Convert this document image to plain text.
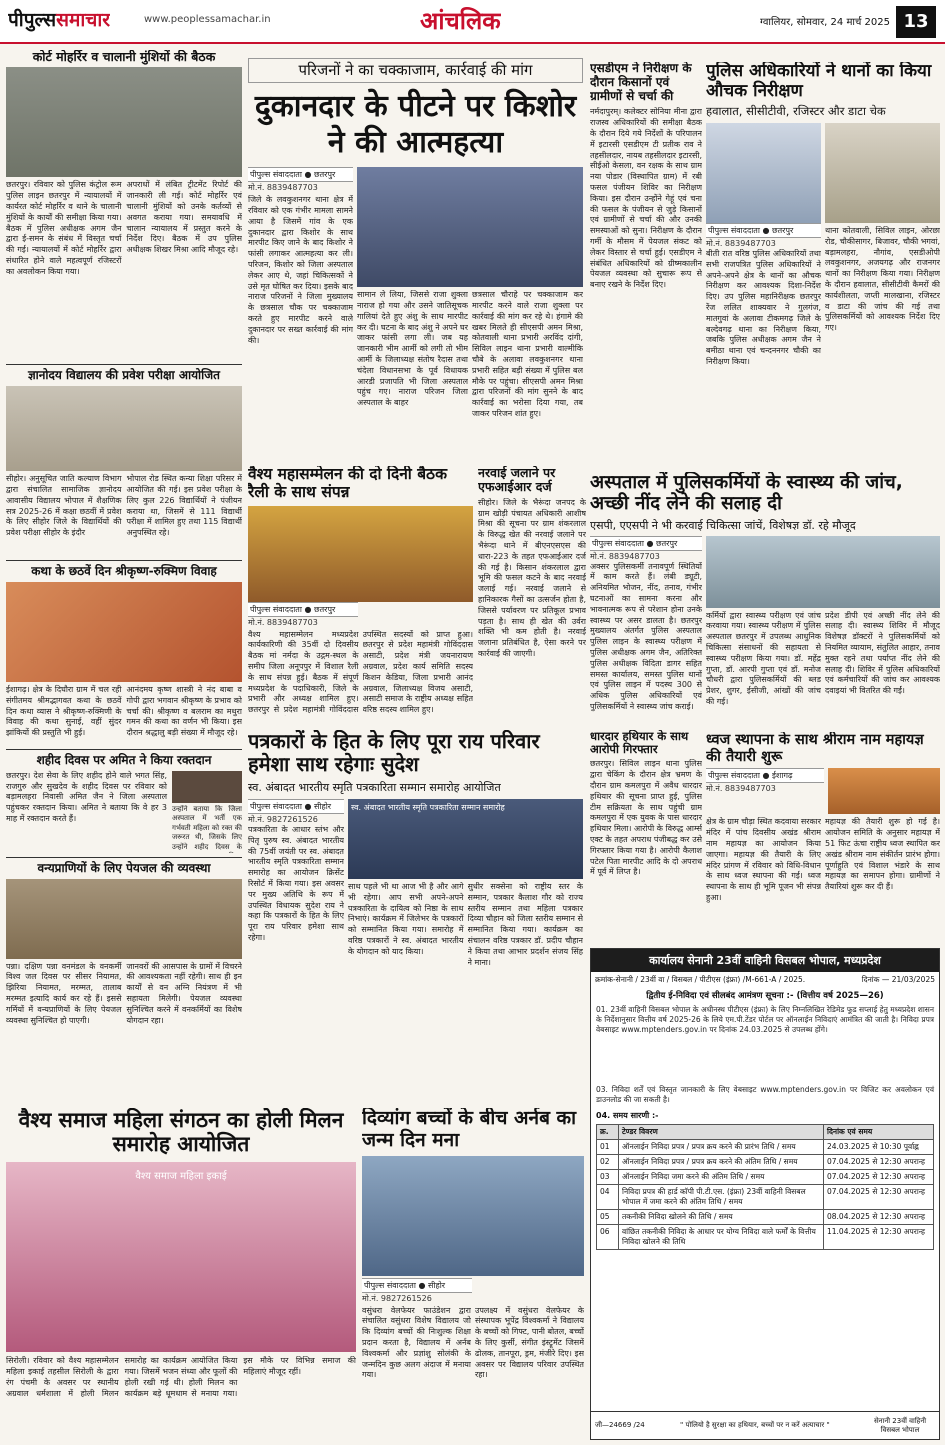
पीपुल्ससमाचार	www.peoplessamachar.in	आंचलिक	ग्वालियर, सोमवार, 24 मार्च 2025 13
कोर्ट मोहर्रिर व चालानी मुंशियों की बैठक
छतरपुर। रविवार को पुलिस कंट्रोल रूम पुलिस लाइन छतरपुर में न्यायालयों में कार्यरत कोर्ट मोहर्रिर व थाने के चालानी मुंशियों के कार्यों की समीक्षा किया गया। बैठक में पुलिस अधीक्षक अगम जैन द्वारा ई-समन के संबंध में विस्तृत चर्चा की गई। न्यायालयों में कोर्ट मोहर्रिर द्वारा संधारित होने वाले महत्वपूर्ण रजिस्टरों का अवलोकन किया गया।
अपराधों में लंबित ट्रीटमेंट रिपोर्ट की जानकारी ली गई। कोर्ट मोहर्रिर एवं चालानी मुंशियों को उनके कर्तव्यों से अवगत कराया गया। समयावधि में चालान न्यायालय में प्रस्तुत करने के निर्देश दिए। बैठक में उप पुलिस अधीक्षक शिखर मिश्रा आदि मौजूद रहे।
ज्ञानोदय विद्यालय की प्रवेश परीक्षा आयोजित
सीहोर। अनुसूचित जाति कल्याण विभाग द्वारा संचालित सामाजिक ज्ञानोदय आवासीय विद्यालय भोपाल में शैक्षणिक सत्र 2025-26 में कक्षा छठवीं में प्रवेश के लिए सीहोर जिले के विद्यार्थियों की प्रवेश परीक्षा सीहोर के इंदौर
भोपाल रोड स्थित कन्या शिक्षा परिसर में आयोजित की गई। इस प्रवेश परीक्षा के लिए कुल 226 विद्यार्थियों ने पंजीयन कराया था, जिसमें से 111 विद्यार्थी परीक्षा में शामिल हुए तथा 115 विद्यार्थी अनुपस्थित रहे।
कथा के छठवें दिन श्रीकृष्ण-रुक्मिण विवाह
ईशागढ़। क्षेत्र के दिघौरा ग्राम में चल रही संगीतमय श्रीमद्भागवत कथा के छठवें दिन कथा व्यास ने श्रीकृष्ण-रुक्मिणी के विवाह की कथा सुनाई, वहीं सुंदर झांकियों की प्रस्तुति भी हुई।
आनंदमय कृष्ण शास्त्री ने नंद बाबा व गोपी द्वारा भगवान श्रीकृष्ण के प्रभाव को चर्चा की। श्रीकृष्ण व बलराम का मथुरा गमन की कथा का वर्णन भी किया। इस दौरान श्रद्धालु बड़ी संख्या में मौजूद रहे।
शहीद दिवस पर अमित ने किया रक्तदान
छतरपुर। देश सेवा के लिए शहीद होने वाले भगत सिंह, राजगुरु और सुखदेव के शहीद दिवस पर रविवार को बड़ामलहरा निवासी अमित जैन ने जिला अस्पताल पहुंचकर रक्तदान किया। अमित ने बताया कि वे हर 3 माह में रक्तदान करते हैं।
उन्होंने बताया कि जिला अस्पताल में भर्ती एक गर्भवती महिला को रक्त की जरूरत थी, जिसके लिए उन्होंने शहीद दिवस के
वन्यप्राणियों के लिए पेयजल की व्यवस्था
पन्ना। दक्षिण पन्ना वनमंडल के वनकर्मी विश्व जल दिवस पर सीसर नियामत, झिरिया नियामत, मरम्मत, तालाब मरम्मत इत्यादि कार्य कर रहे हैं। इससे गर्मियों में वन्यप्राणियों के लिए पेयजल व्यवस्था सुनिश्चित हो पाएगी।
जानवरों की आसपास के ग्रामों में विचरने की आवश्यकता नहीं रहेगी। साथ ही इन कार्यों से वन अग्नि नियंत्रण में भी सहायता मिलेगी। पेयजल व्यवस्था सुनिश्चित करने में वनकर्मियों का विशेष योगदान रहा।
परिजनों ने का चक्काजाम, कार्रवाई की मांग
दुकानदार के पीटने पर किशोर ने की आत्महत्या
पीपुल्स संवाददाता ● छतरपुर
मो.नं. 8839487703
जिले के लवकुशनगर थाना क्षेत्र में रविवार को एक गंभीर मामला सामने आया है जिसमें गांव के एक दुकानदार द्वारा किशोर के साथ मारपीट किए जाने के बाद किशोर ने फांसी लगाकर आत्महत्या कर ली। परिजन, किशोर को जिला अस्पताल लेकर आए थे, जहां चिकित्सकों ने उसे मृत घोषित कर दिया। इसके बाद नाराज परिजनों ने जिला मुख्यालय के छत्रसाल चौक पर चक्काजाम करते हुए मारपीट करने वाले दुकानदार पर सख्त कार्रवाई की मांग की।
सामान ले लिया, जिससे राजा शुक्ला नाराज हो गया और उसने जातिसूचक गालियां देते हुए अंशु के साथ मारपीट कर दी। घटना के बाद अंशु ने अपने घर जाकर फांसी लगा ली। जब यह जानकारी भीम आर्मी को लगी तो भीम आर्मी के जिलाध्यक्ष संतोष रैदास तथा चंदेला विधानसभा के पूर्व विधायक आरडी प्रजापति भी जिला अस्पताल पहुंच गए। नाराज परिजन जिला अस्पताल के बाहर
छत्रसाल चौराहे पर चक्काजाम कर मारपीट करने वाले राजा शुक्ला पर कार्रवाई की मांग कर रहे थे। हंगामे की खबर मिलते ही सीएसपी अमन मिश्रा, कोतवाली थाना प्रभारी अरविंद दांगी, सिविल लाइन थाना प्रभारी वाल्मीकि चौबे के अलावा लवकुशनगर थाना प्रभारी सहित बड़ी संख्या में पुलिस बल मौके पर पहुंचा। सीएसपी अमन मिश्रा द्वारा परिजनों की मांग सुनने के बाद कार्रवाई का भरोसा दिया गया, तब जाकर परिजन शांत हुए।
एसडीएम ने निरीक्षण के दौरान किसानों एवं ग्रामीणों से चर्चा की
नर्मदापुरम्। कलेक्टर सोनिया मीना द्वारा राजस्व अधिकारियों की समीक्षा बैठक के दौरान दिये गये निर्देशों के परिपालन में इटारसी एसडीएम टी प्रतीक राव ने तहसीलदार, नायब तहसीलदार इटारसी, सीईओ केसला, वन रक्षक के साथ ग्राम नया पोडार (विस्थापित ग्राम) में रबी फसल पंजीयन शिविर का निरीक्षण किया। इस दौरान उन्होंने गेहूं एवं चना की फसल के पंजीयन से जुड़े किसानों एवं ग्रामीणों से चर्चा की और उनकी समस्याओं को सुना। निरीक्षण के दौरान गर्मी के मौसम में पेयजल संकट को लेकर विस्तार से चर्चा हुई। एसडीएम ने संबंधित अधिकारियों को ग्रीष्मकालीन पेयजल व्यवस्था को सुचारू रूप से बनाए रखने के निर्देश दिए।
पुलिस अधिकारियों ने थानों का किया औचक निरीक्षण
हवालात, सीसीटीवी, रजिस्टर और डाटा चेक
पीपुल्स संवाददाता ● छतरपुर
मो.नं. 8839487703
बीती रात वरिष्ठ पुलिस अधिकारियों तथा सभी राजपत्रित पुलिस अधिकारियों ने अपने-अपने क्षेत्र के थानों का औचक निरीक्षण कर आवश्यक दिशा-निर्देश दिए। उप पुलिस महानिरीक्षक छतरपुर रेंज ललित शाक्यवार ने गुलगंज, मातगुवां के अलावा टीकमगढ़ जिले के बल्देवगढ़ थाना का निरीक्षण किया, जबकि पुलिस अधीक्षक अगम जैन ने बमीठा थाना एवं चन्दननगर चौकी का निरीक्षण किया।
थाना कोतवाली, सिविल लाइन, ओरछा रोड, चौकीसागर, बिजावर, चौकी भगवां, बड़ामलहरा, नौगांव, एसडीओपी लवकुशनगर, अजयगढ़ और राजनगर थानों का निरीक्षण किया गया। निरीक्षण के दौरान हवालात, सीसीटीवी कैमरों की कार्यशीलता, जप्ती मालखाना, रजिस्टर व डाटा की जांच की गई तथा पुलिसकर्मियों को आवश्यक निर्देश दिए गए।
वैश्य महासम्मेलन की दो दिनी बैठक रैली के साथ संपन्न
पीपुल्स संवाददाता ● छतरपुर
मो.नं. 8839487703
वैश्य महासम्मेलन मध्यप्रदेश कार्यकारिणी की 35वीं दो दिवसीय बैठक मां नर्मदा के उद्गम-स्थल के समीप जिला अनूपपुर में विशाल रैली के साथ संपन्न हुई। बैठक में संपूर्ण मध्यप्रदेश के पदाधिकारी, जिले के प्रभारी और अध्यक्ष शामिल हुए। छतरपुर से प्रदेश महामंत्री गोविंददास
उपस्थित सदस्यों को प्राप्त हुआ। छतरपुर से प्रदेश महामंत्री गोविंददास असाटी, प्रदेश मंत्री जयनारायण अग्रवाल, प्रदेश कार्य समिति सदस्य किशन केडिया, जिला प्रभारी आनंद अग्रवाल, जिलाध्यक्ष विजय असाटी, असाटी समाज के राष्ट्रीय अध्यक्ष सहित वरिष्ठ सदस्य शामिल हुए।
नरवाई जलाने पर एफआईआर दर्ज
सीहोर। जिले के भैरूंदा जनपद के ग्राम खोड़ी पंचायत अधिकारी आशीष मिश्रा की सूचना पर ग्राम शंकरलाल के विरुद्ध खेत की नरवाई जलाने पर भैरूंदा थाने में बीएनएसएस की धारा-223 के तहत एफआईआर दर्ज की गई है। किसान शंकरलाल द्वारा भूमि की फसल कटने के बाद नरवाई जलाई गई। नरवाई जलाने से हानिकारक गैसों का उत्सर्जन होता है, जिससे पर्यावरण पर प्रतिकूल प्रभाव पड़ता है। साथ ही खेत की उर्वरा शक्ति भी कम होती है। नरवाई जलाना प्रतिबंधित है, ऐसा करने पर कार्रवाई की जाएगी।
अस्पताल में पुलिसकर्मियों के स्वास्थ्य की जांच, अच्छी नींद लेने की सलाह दी
एसपी, एएसपी ने भी करवाई चिकित्सा जांचें, विशेषज्ञ डॉ. रहे मौजूद
पीपुल्स संवाददाता ● छतरपुर
मो.नं. 8839487703
अक्सर पुलिसकर्मी तनावपूर्ण स्थितियों में काम करते हैं। लंबी ड्यूटी, अनियमित भोजन, नींद, तनाव, गंभीर घटनाओं का सामना करना और भावनात्मक रूप से परेशान होना उनके स्वास्थ्य पर असर डालता है। छतरपुर मुख्यालय अंतर्गत पुलिस अस्पताल पुलिस लाइन के स्वास्थ्य परीक्षण में पुलिस अधीक्षक अगम जैन, अतिरिक्त पुलिस अधीक्षक विदिता डागर सहित समस्त कार्यालय, समस्त पुलिस थानों एवं पुलिस लाइन में पदस्थ 300 से अधिक पुलिस अधिकारियों एवं पुलिसकर्मियों ने स्वास्थ्य जांच कराई।
कर्मियों द्वारा स्वास्थ्य परीक्षण एवं जांच करवाया गया। स्वास्थ्य परीक्षण में पुलिस अस्पताल छतरपुर में उपलब्ध आधुनिक चिकित्सा संसाधनों की सहायता से स्वास्थ्य परीक्षण किया गया। डॉ. महेंद्र गुप्ता, डॉ. आरपी गुप्ता एवं डॉ. मनोज चौधरी द्वारा पुलिसकर्मियों की ब्लड प्रेशर, शुगर, ईसीजी, आंखों की जांच की गई।
प्रदेश डीपी एवं अच्छी नींद लेने की सलाह दी। स्वास्थ्य शिविर में मौजूद विशेषज्ञ डॉक्टरों ने पुलिसकर्मियों को नियमित व्यायाम, संतुलित आहार, तनाव मुक्त रहने तथा पर्याप्त नींद लेने की सलाह दी। शिविर में पुलिस अधिकारियों एवं कर्मचारियों की जांच कर आवश्यक दवाइयां भी वितरित की गईं।
पत्रकारों के हित के लिए पूरा राय परिवार हमेशा साथ रहेगाः सुदेश
स्व. अंबादत भारतीय स्मृति पत्रकारिता सम्मान समारोह आयोजित
पीपुल्स संवाददाता ● सीहोर
मो.नं. 9827261526
पत्रकारिता के आधार स्तंभ और पितृ पुरुष स्व. अंबादत भारतीय की 75वीं जयंती पर स्व. अंबादत भारतीय स्मृति पत्रकारिता सम्मान समारोह का आयोजन क्रिसेंट रिसोर्ट में किया गया। इस अवसर पर मुख्य अतिथि के रूप में उपस्थित विधायक सुदेश राय ने कहा कि पत्रकारों के हित के लिए पूरा राय परिवार हमेशा साथ रहेगा।
स्व. अंबादत भारतीय स्मृति पत्रकारिता सम्मान समारोह
साथ पहले भी था आज भी है और आगे भी रहेगा। आप सभी अपने-अपने पत्रकारिता के दायित्व को निष्ठा के साथ निभाएं। कार्यक्रम में जिलेभर के पत्रकारों को सम्मानित किया गया। समारोह में वरिष्ठ पत्रकारों ने स्व. अंबादत भारतीय के योगदान को याद किया।
सुधीर सक्सेना को राष्ट्रीय स्तर के सम्मान, पत्रकार कैलाश गौर को राज्य स्तरीय सम्मान तथा महिला पत्रकार दिव्या चौहान को जिला स्तरीय सम्मान से सम्मानित किया गया। कार्यक्रम का संचालन वरिष्ठ पत्रकार डॉ. प्रदीप चौहान ने किया तथा आभार प्रदर्शन संजय सिंह ने माना।
धारदार हथियार के साथ आरोपी गिरफ्तार
छतरपुर। सिविल लाइन थाना पुलिस द्वारा चेकिंग के दौरान क्षेत्र भ्रमण के दौरान ग्राम कमलपुरा में अवैध धारदार हथियार की सूचना प्राप्त हुई, पुलिस टीम सक्रियता के साथ पहुंची ग्राम कमलपुरा में एक युवक के पास धारदार हथियार मिला। आरोपी के विरुद्ध आर्म्स एक्ट के तहत अपराध पंजीबद्ध कर उसे गिरफ्तार किया गया है। आरोपी कैलाश पटेल पिता मारपीट आदि के दो अपराध में पूर्व में लिप्त है।
ध्वज स्थापना के साथ श्रीराम नाम महायज्ञ की तैयारी शुरू
पीपुल्स संवाददाता ● ईशागढ़
मो.नं. 8839487703
क्षेत्र के ग्राम चौड़ा स्थित कदवाया सरकार मंदिर में पांच दिवसीय अखंड श्रीराम नाम महायज्ञ का आयोजन किया जाएगा। महायज्ञ की तैयारी के लिए मंदिर प्रांगण में रविवार को विधि-विधान के साथ ध्वज स्थापना की गई। ध्वज स्थापना के साथ ही भूमि पूजन भी संपन्न हुआ।
महायज्ञ की तैयारी शुरू हो गई है। आयोजन समिति के अनुसार महायज्ञ में 51 फिट ऊंचा राष्ट्रीय ध्वज स्थापित कर अखंड श्रीराम नाम संकीर्तन प्रारंभ होगा। पूर्णाहुति एवं विशाल भंडारे के साथ महायज्ञ का समापन होगा। ग्रामीणों ने तैयारियां शुरू कर दी हैं।
कार्यालय सेनानी 23वीं वाहिनी विसबल भोपाल, मध्यप्रदेश
क्रमांक-सेनानी / 23वीं वा / विसबल / पीटीएस (इंफ्रा) /M-661-A / 2025.	दिनांक — 21/03/2025
द्वितीय ई-निविदा एवं सीलबंद आमंत्रण सूचना :- (वित्तीय वर्ष 2025—26)
01. 23वीं वाहिनी विसबल भोपाल के अधीनस्थ पीटीएस (इंफ्रा) के लिए निम्नलिखित रेडिमेड फूड सप्लाई हेतु मध्यप्रदेश शासन के निर्देशानुसार वित्तीय वर्ष 2025-26 के लिये एम.पी.टेंडर पोर्टल पर ऑनलाईन निविदाएं आमंत्रित की जाती है। निविदा प्रपत्र वेबसाइट www.mptenders.gov.in पर दिनांक 24.03.2025 से उपलब्ध होंगे।
03. निविदा शर्तें एवं विस्तृत जानकारी के लिए वेबसाइट www.mptenders.gov.in पर विजिट कर अवलोकन एवं डाउनलोड की जा सकती है।
04. समय सारणी :-
क्र.	टेण्डर विवरण	दिनांक एवं समय
01	ऑनलाईन निविदा प्रपत्र / प्रपत्र क्रय करने की प्रारंभ तिथि / समय	24.03.2025 से 10:30 पूर्वाह्न
02	ऑनलाईन निविदा प्रपत्र / प्रपत्र क्रय करने की अंतिम तिथि / समय	07.04.2025 से 12:30 अपरान्ह
03	ऑनलाईन निविदा जमा करने की अंतिम तिथि / समय	07.04.2025 से 12:30 अपरान्ह
04	निविदा प्रपत्र की हार्ड कॉपी पी.टी.एस. (इंफ्रा) 23वीं वाहिनी विसबल भोपाल में जमा करने की अंतिम तिथि / समय	07.04.2025 से 12:30 अपरान्ह
05	तकनीकी निविदा खोलने की तिथि / समय	08.04.2025 से 12:30 अपरान्ह
06	वांछित तकनीकी निविदा के आधार पर योग्य निविदा वाले फर्मों के वित्तीय निविदा खोलने की तिथि	11.04.2025 से 12:30 अपरान्ह
जी—24669 /24	" पोलियो है सुरक्षा का हथियार, बच्चों पर न करें अत्याचार "
सेनानी 23वीं वाहिनी विसबल भोपाल
वैश्य समाज महिला संगठन का होली मिलन समारोह आयोजित
वैश्य समाज महिला इकाई
सिरोली। रविवार को वैश्य महासम्मेलन महिला इकाई तहसील सिरोली के द्वारा रंग पंचमी के अवसर पर स्थानीय अग्रवाल धर्मशाला में होली मिलन समारोह का कार्यक्रम आयोजित किया गया। जिसमें भजन संध्या और फूलों की होली रखी गई थी। होली मिलन का कार्यक्रम बड़े धूमधाम से मनाया गया। इस मौके पर विभिन्न समाज की महिलाएं मौजूद रहीं।
दिव्यांग बच्चों के बीच अर्नब का जन्म दिन मना
पीपुल्स संवाददाता ● सीहोर
मो.नं. 9827261526
वसुंधरा वेलफेयर फाउंडेशन द्वारा संचालित वसुंधरा विशेष विद्यालय जो कि दिव्यांग बच्चों की निःशुल्क शिक्षा प्रदान करता है, विद्यालय में अर्नब विश्वकर्मा और प्रज्ञांशु सोलंकी के जन्मदिन कुछ अलग अंदाज में मनाया गया।
उपलक्ष्य में वसुंधरा वेलफेयर के संस्थापक भूपेंद्र विश्वकर्मा ने विद्यालय के बच्चों को गिफ्ट, पानी बोतल, बच्चों के लिए कुर्सी, संगीत इंस्ट्रूमेंट जिसमें ढोलक, तानपूरा, ड्रम, मंजीरे दिए। इस अवसर पर विद्यालय परिवार उपस्थित रहा।
